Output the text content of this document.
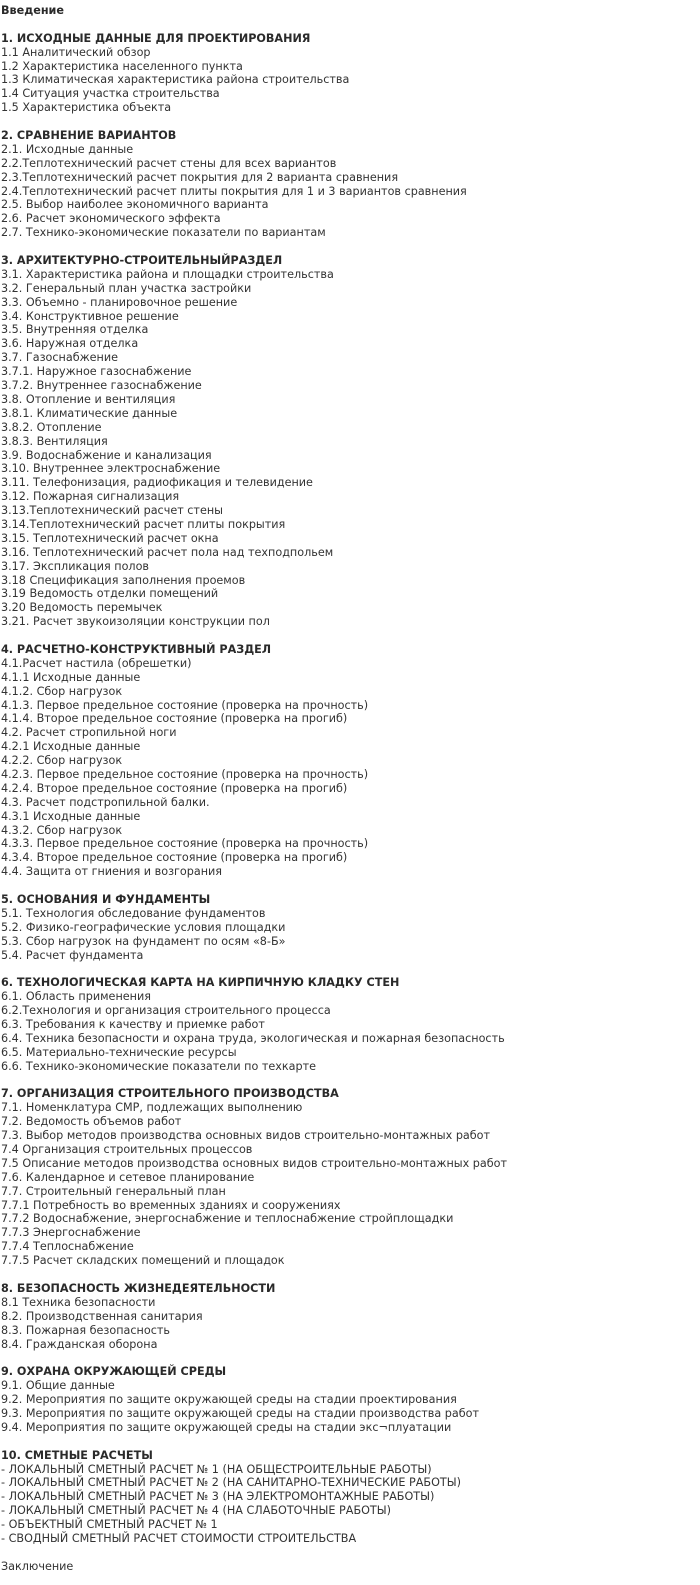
Введение
1. ИСХОДНЫЕ ДАННЫЕ ДЛЯ ПРОЕКТИРОВАНИЯ
1.1 Аналитический обзор
1.2 Характеристика населенного пункта
1.3 Климатическая характеристика района строительства
1.4 Ситуация участка строительства
1.5 Характеристика объекта
2. СРАВНЕНИЕ ВАРИАНТОВ
2.1. Исходные данные
2.2.Теплотехнический расчет стены для всех вариантов
2.3.Теплотехнический расчет покрытия для 2 варианта сравнения
2.4.Теплотехнический расчет плиты покрытия для 1 и 3 вариантов сравнения
2.5. Выбор наиболее экономичного варианта
2.6. Расчет экономического эффекта
2.7. Технико-экономические показатели по вариантам
3. АРХИТЕКТУРНО-СТРОИТЕЛЬНЫЙРАЗДЕЛ
3.1. Характеристика района и площадки строительства
3.2. Генеральный план участка застройки
3.3. Объемно - планировочное решение
3.4. Конструктивное решение
3.5. Внутренняя отделка
3.6. Наружная отделка
3.7. Газоснабжение
3.7.1. Наружное газоснабжение
3.7.2. Внутреннее газоснабжение
3.8. Отопление и вентиляция
3.8.1. Климатические данные
3.8.2. Отопление
3.8.3. Вентиляция
3.9. Водоснабжение и канализация
3.10. Внутреннее электроснабжение
3.11. Телефонизация, радиофикация и телевидение
3.12. Пожарная сигнализация
3.13.Теплотехнический расчет стены
3.14.Теплотехнический расчет плиты покрытия
3.15. Теплотехнический расчет окна
3.16. Теплотехнический расчет пола над техподпольем
3.17. Экспликация полов
3.18 Спецификация заполнения проемов
3.19 Ведомость отделки помещений
3.20 Ведомость перемычек
3.21. Расчет звукоизоляции конструкции пол
4. РАСЧЕТНО-КОНСТРУКТИВНЫЙ РАЗДЕЛ
4.1.Расчет настила (обрешетки)
4.1.1 Исходные данные
4.1.2. Сбор нагрузок
4.1.3. Первое предельное состояние (проверка на прочность)
4.1.4. Второе предельное состояние (проверка на прогиб)
4.2. Расчет стропильной ноги
4.2.1 Исходные данные
4.2.2. Сбор нагрузок
4.2.3. Первое предельное состояние (проверка на прочность)
4.2.4. Второе предельное состояние (проверка на прогиб)
4.3. Расчет подстропильной балки.
4.3.1 Исходные данные
4.3.2. Сбор нагрузок
4.3.3. Первое предельное состояние (проверка на прочность)
4.3.4. Второе предельное состояние (проверка на прогиб)
4.4. Защита от гниения и возгорания
5. ОСНОВАНИЯ И ФУНДАМЕНТЫ
5.1. Технология обследование фундаментов
5.2. Физико-географические условия площадки
5.3. Сбор нагрузок на фундамент по осям «8-Б»
5.4. Расчет фундамента
6. ТЕХНОЛОГИЧЕСКАЯ КАРТА НА КИРПИЧНУЮ КЛАДКУ СТЕН
6.1. Область применения
6.2.Технология и организация строительного процесса
6.3. Требования к качеству и приемке работ
6.4. Техника безопасности и охрана труда, экологическая и пожарная безопасность
6.5. Материально-технические ресурсы
6.6. Технико-экономические показатели по техкарте
7. ОРГАНИЗАЦИЯ СТРОИТЕЛЬНОГО ПРОИЗВОДСТВА
7.1. Номенклатура СМР, подлежащих выполнению
7.2. Ведомость объемов работ
7.3. Выбор методов производства основных видов строительно-монтажных работ
7.4 Организация строительных процессов
7.5 Описание методов производства основных видов строительно-монтажных работ
7.6. Календарное и сетевое планирование
7.7. Строительный генеральный план
7.7.1 Потребность во временных зданиях и сооружениях
7.7.2 Водоснабжение, энергоснабжение и теплоснабжение стройплощадки
7.7.3 Энергоснабжение
7.7.4 Теплоснабжение
7.7.5 Расчет складских помещений и площадок
8. БЕЗОПАСНОСТЬ ЖИЗНЕДЕЯТЕЛЬНОСТИ
8.1 Техника безопасности
8.2. Производственная санитария
8.3. Пожарная безопасность
8.4. Гражданская оборона
9. ОХРАНА ОКРУЖАЮЩЕЙ СРЕДЫ
9.1. Общие данные
9.2. Мероприятия по защите окружающей среды на стадии проектирования
9.3. Мероприятия по защите окружающей среды на стадии производства работ
9.4. Мероприятия по защите окружающей среды на стадии экс¬плуатации
10. СМЕТНЫЕ РАСЧЕТЫ
- ЛОКАЛЬНЫЙ СМЕТНЫЙ РАСЧЕТ № 1 (НА ОБЩЕСТРОИТЕЛЬНЫЕ РАБОТЫ)
- ЛОКАЛЬНЫЙ СМЕТНЫЙ РАСЧЕТ № 2 (НА САНИТАРНО-ТЕХНИЧЕСКИЕ РАБОТЫ)
- ЛОКАЛЬНЫЙ СМЕТНЫЙ РАСЧЕТ № 3 (НА ЭЛЕКТРОМОНТАЖНЫЕ РАБОТЫ)
- ЛОКАЛЬНЫЙ СМЕТНЫЙ РАСЧЕТ № 4 (НА СЛАБОТОЧНЫЕ РАБОТЫ)
- ОБЪЕКТНЫЙ СМЕТНЫЙ РАСЧЕТ № 1
- СВОДНЫЙ СМЕТНЫЙ РАСЧЕТ СТОИМОСТИ СТРОИТЕЛЬСТВА
Заключение
